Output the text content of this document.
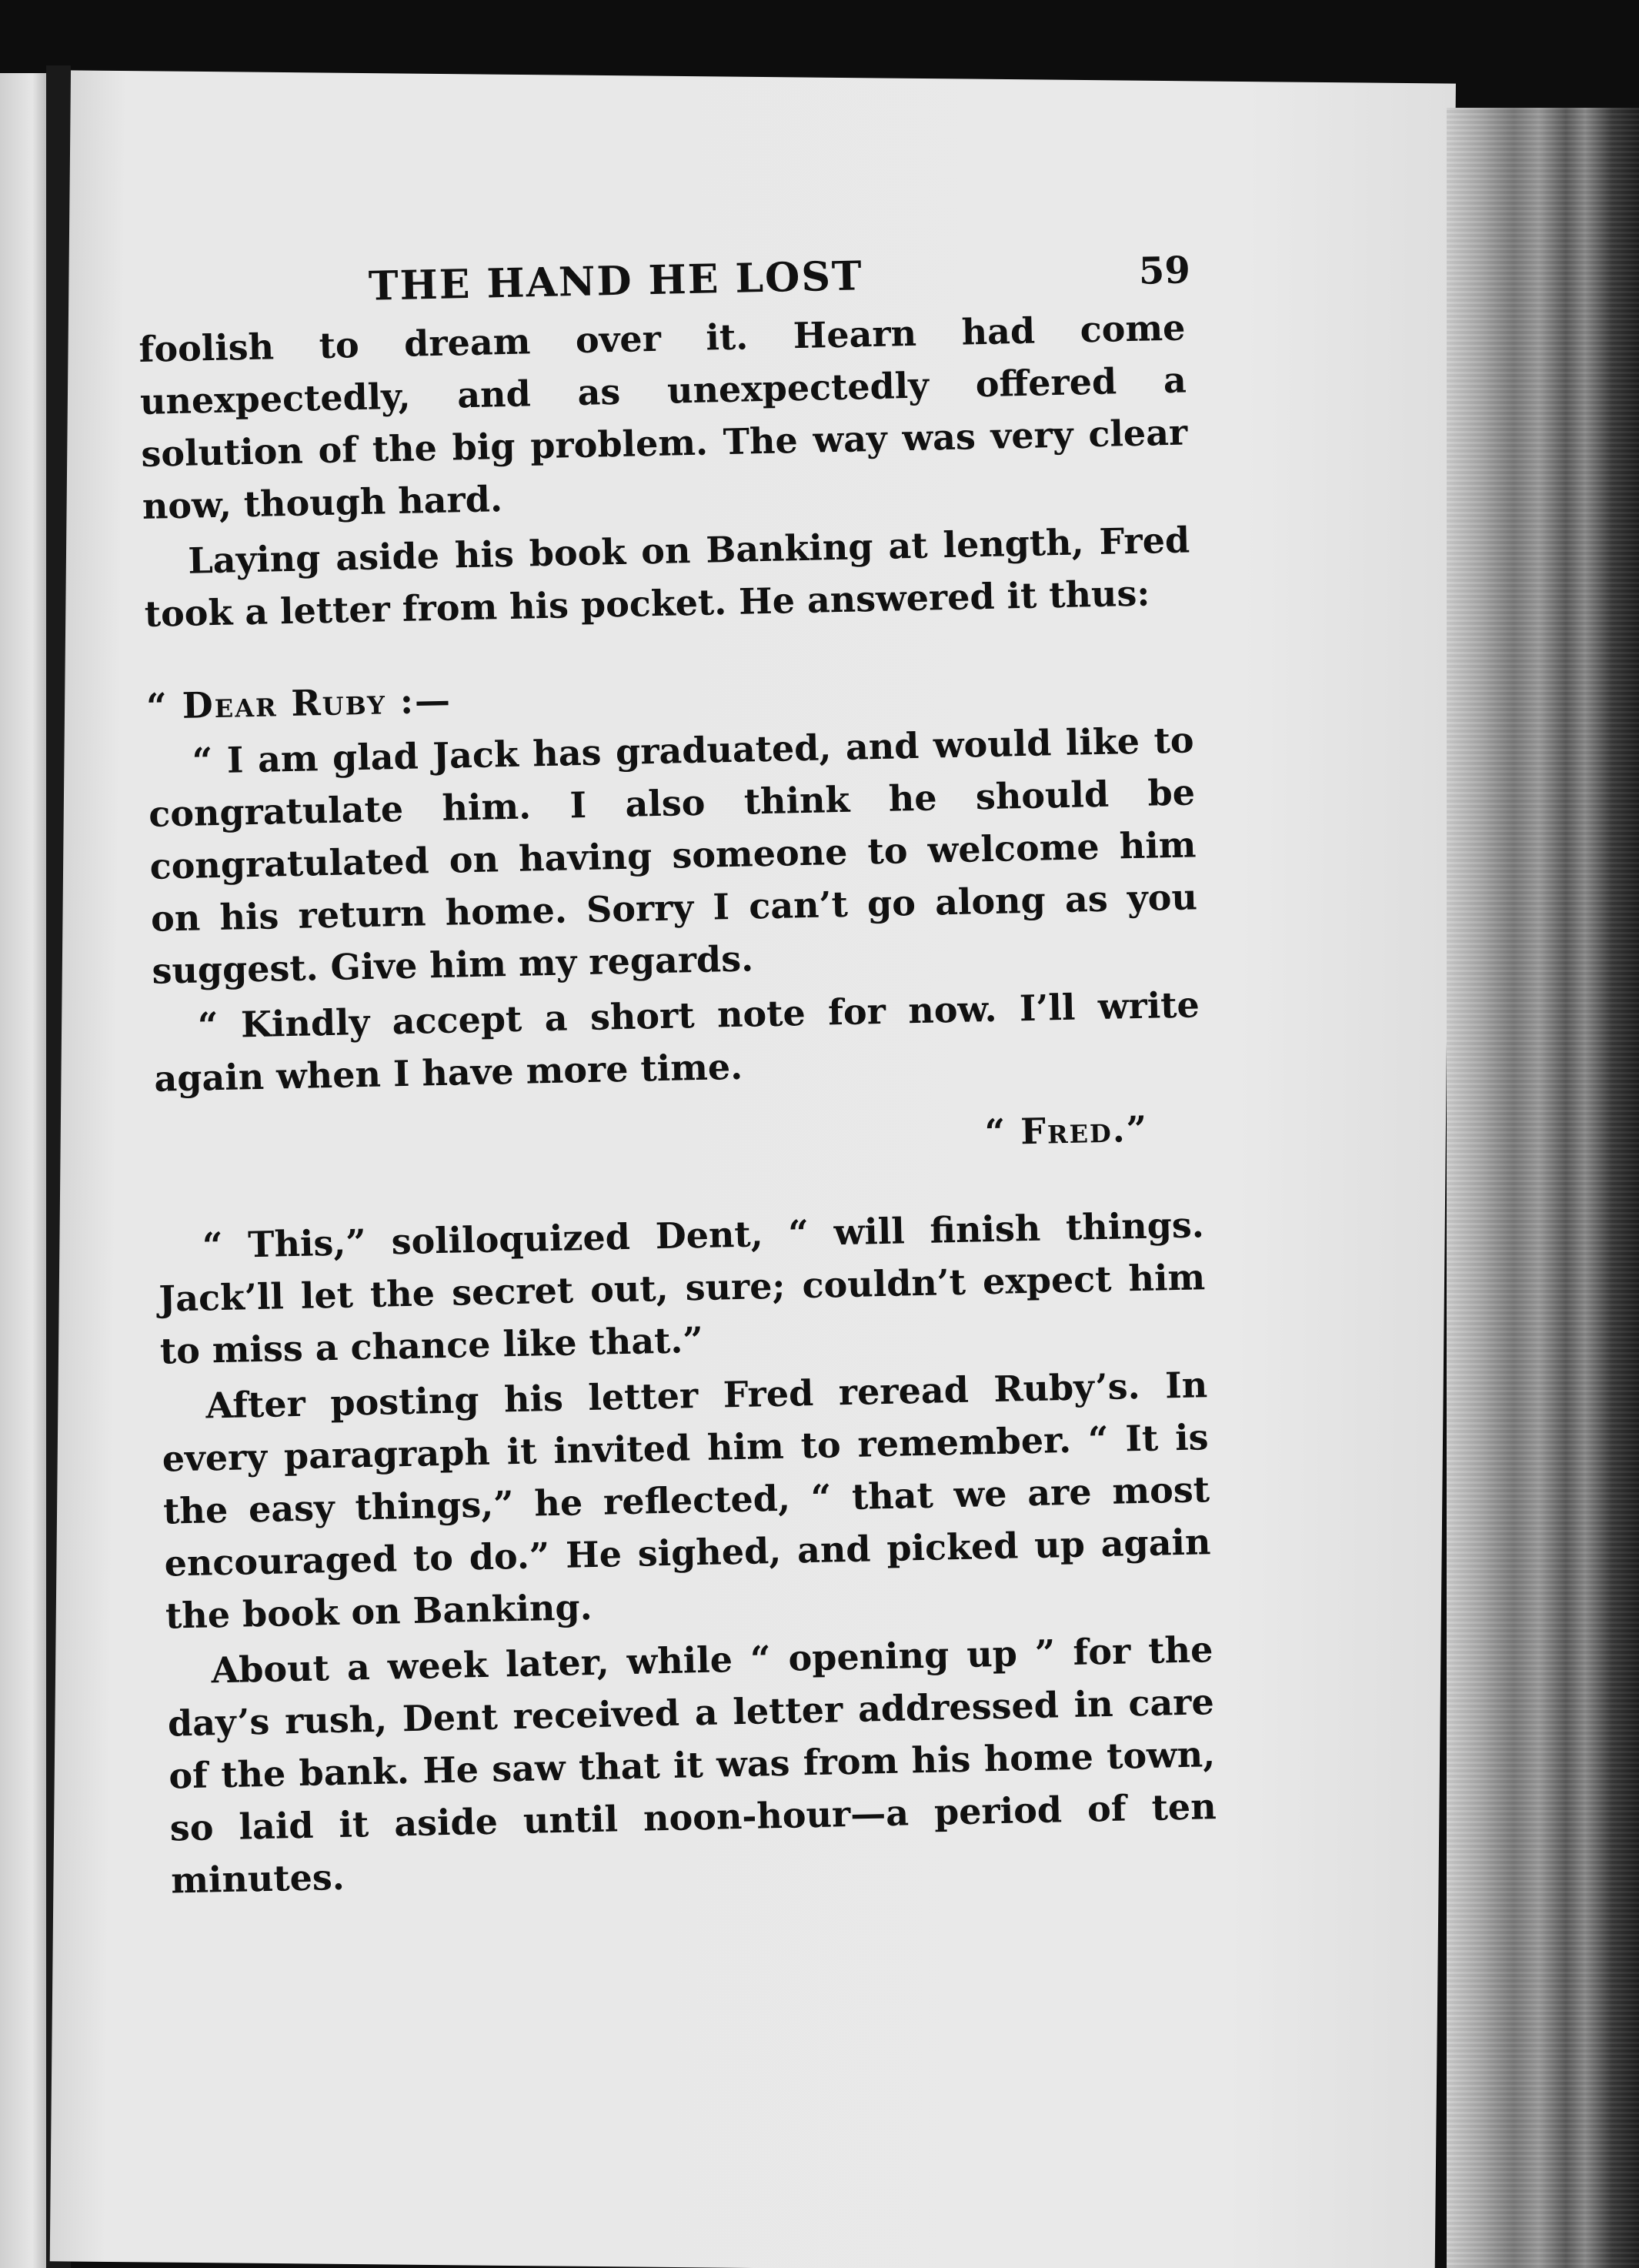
THE HAND HE LOST	59

foolish to dream over it. Hearn had come unexpectedly, and as unexpectedly offered a solution of the big problem. The way was very clear now, though hard.

Laying aside his book on Banking at length, Fred took a letter from his pocket. He answered it thus:

“ Dear Ruby :—

“ I am glad Jack has graduated, and would like to congratulate him. I also think he should be congratulated on having someone to welcome him on his return home. Sorry I can’t go along as you suggest. Give him my regards.

“ Kindly accept a short note for now. I’ll write again when I have more time.

“ Fred.”

“ This,” soliloquized Dent, “ will finish things. Jack’ll let the secret out, sure; couldn’t expect him to miss a chance like that.”

After posting his letter Fred reread Ruby’s. In every paragraph it invited him to remember. “ It is the easy things,” he reflected, “ that we are most encouraged to do.” He sighed, and picked up again the book on Banking.

About a week later, while “ opening up ” for the day’s rush, Dent received a letter addressed in care of the bank. He saw that it was from his home town, so laid it aside until noon-hour—a period of ten minutes.
